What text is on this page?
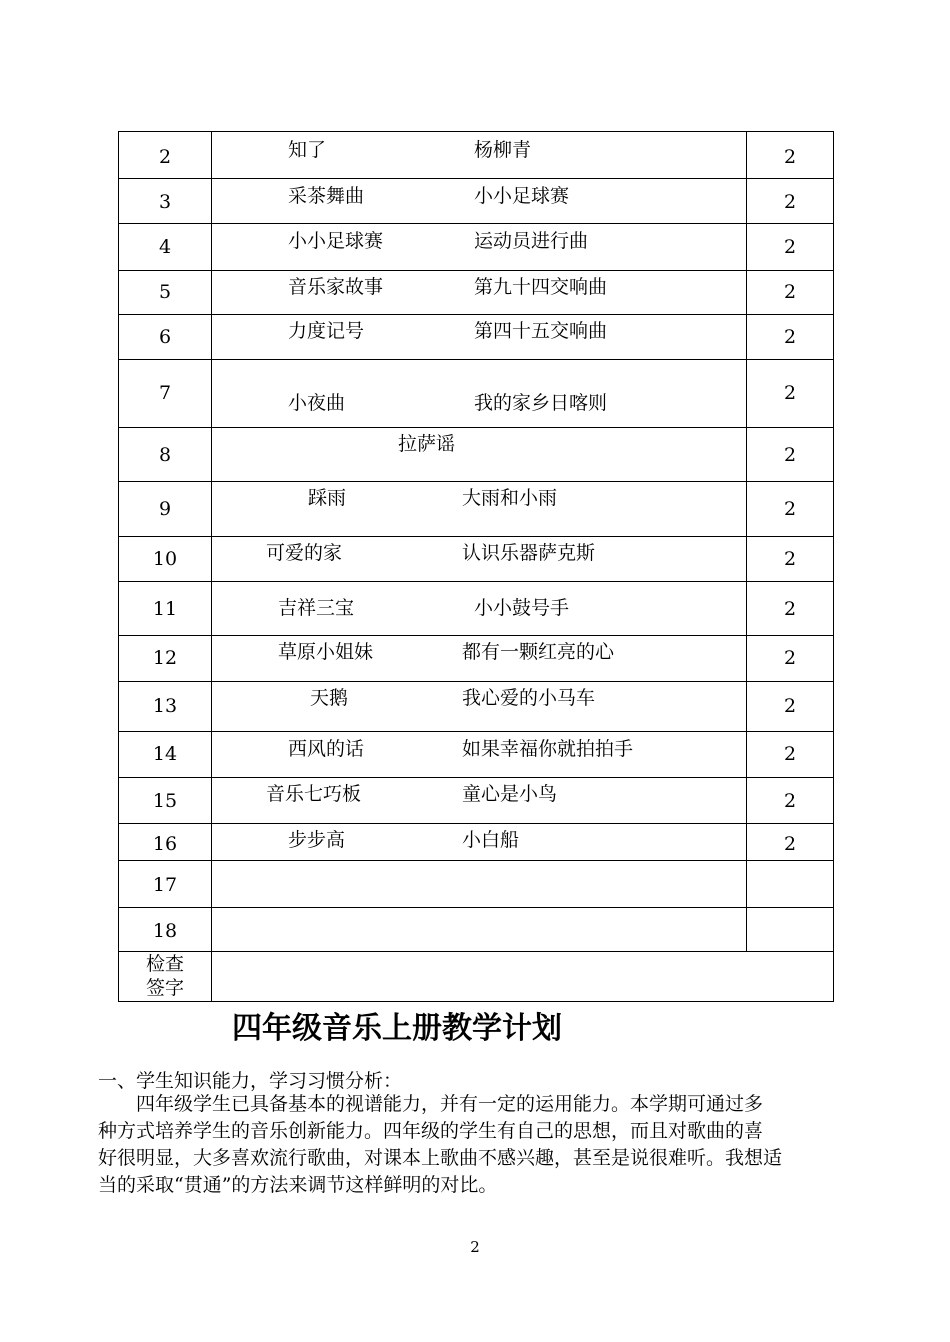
2	知了 杨柳青	2

3	采茶舞曲 小小足球赛	2

4	小小足球赛 运动员进行曲	2

5	音乐家故事 第九十四交响曲	2

6	力度记号 第四十五交响曲	2

7	小夜曲 我的家乡日喀则	2

8	拉萨谣	2

9	踩雨 大雨和小雨	2

10	可爱的家 认识乐器萨克斯	2

11	吉祥三宝 小小鼓号手	2

12	草原小姐妹 都有一颗红亮的心	2

13	天鹅 我心爱的小马车	2

14	西风的话 如果幸福你就拍拍手	2

15	音乐七巧板 童心是小鸟	2

16	步步高 小白船	2

17		

18		

检查
签字		

四年级音乐上册教学计划
一、学生知识能力，学习习惯分析：
　　四年级学生已具备基本的视谱能力，并有一定的运用能力。本学期可通过多
种方式培养学生的音乐创新能力。四年级的学生有自己的思想，而且对歌曲的喜
好很明显，大多喜欢流行歌曲，对课本上歌曲不感兴趣，甚至是说很难听。我想适
当的采取“贯通”的方法来调节这样鲜明的对比。
2
